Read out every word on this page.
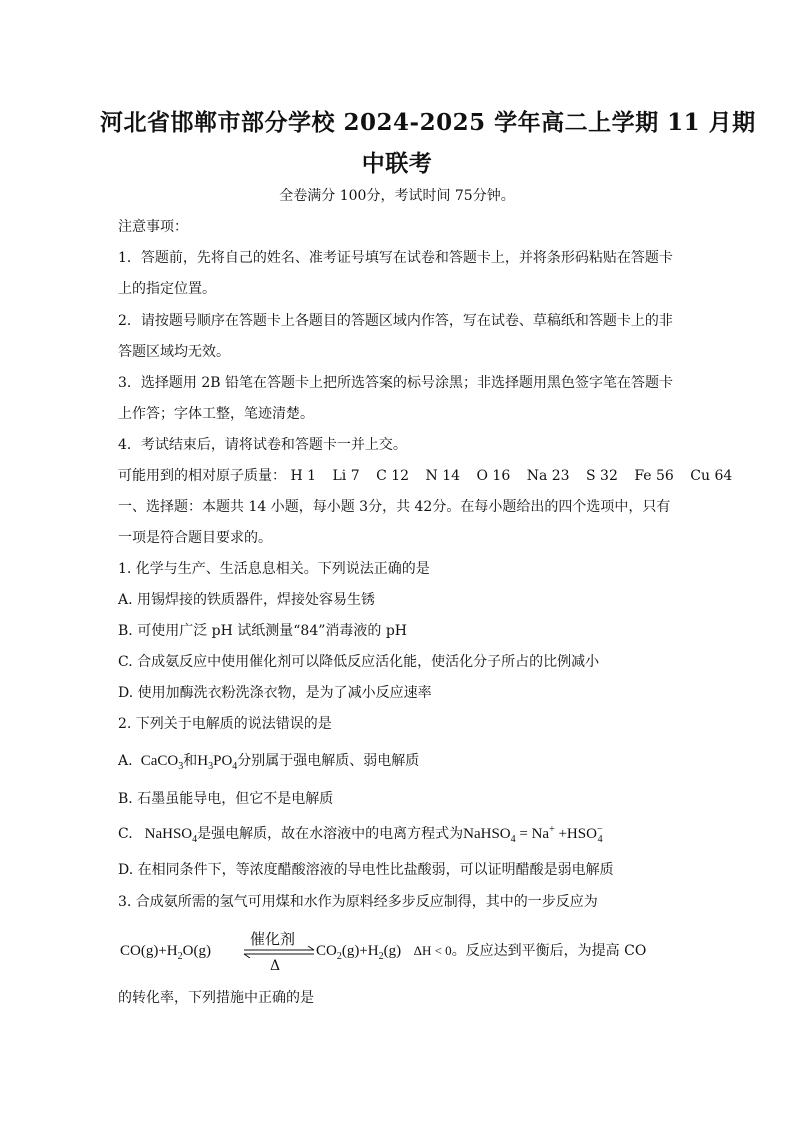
河北省邯郸市部分学校 2024-2025 学年高二上学期 11 月期
中联考
全卷满分 100分，考试时间 75分钟。
注意事项：
1．答题前，先将自己的姓名、准考证号填写在试卷和答题卡上，并将条形码粘贴在答题卡
上的指定位置。
2．请按题号顺序在答题卡上各题目的答题区域内作答，写在试卷、草稿纸和答题卡上的非
答题区域均无效。
3．选择题用 2B 铅笔在答题卡上把所选答案的标号涂黑；非选择题用黑色签字笔在答题卡
上作答；字体工整，笔迹清楚。
4．考试结束后，请将试卷和答题卡一并上交。
可能用到的相对原子质量： H 1 Li 7 C 12 N 14 O 16 Na 23 S 32 Fe 56 Cu 64
一、选择题：本题共 14 小题，每小题 3分，共 42分。在每小题给出的四个选项中，只有
一项是符合题目要求的。
1. 化学与生产、生活息息相关。下列说法正确的是
A. 用锡焊接的铁质器件，焊接处容易生锈
B. 可使用广泛 pH 试纸测量“84”消毒液的 pH
C. 合成氨反应中使用催化剂可以降低反应活化能，使活化分子所占的比例减小
D. 使用加酶洗衣粉洗涤衣物，是为了减小反应速率
2. 下列关于电解质的说法错误的是
A.  CaCO$_3$和$H_3PO_4$分别属于强电解质、弱电解质
B. 石墨虽能导电，但它不是电解质
C.   NaHSO$_4$是强电解质，故在水溶液中的电离方程式为NaHSO$_4$ = $Na^+ +HSO^-_4$
D. 在相同条件下，等浓度醋酸溶液的导电性比盐酸弱，可以证明醋酸是弱电解质
3. 合成氨所需的氢气可用煤和水作为原料经多步反应制得，其中的一步反应为
$CO(g)+H_2O(g)$
催化剂
Δ
$CO_2(g)+H_2(g) \Delta H < 0$。反应达到平衡后，为提高 CO
的转化率，下列措施中正确的是
